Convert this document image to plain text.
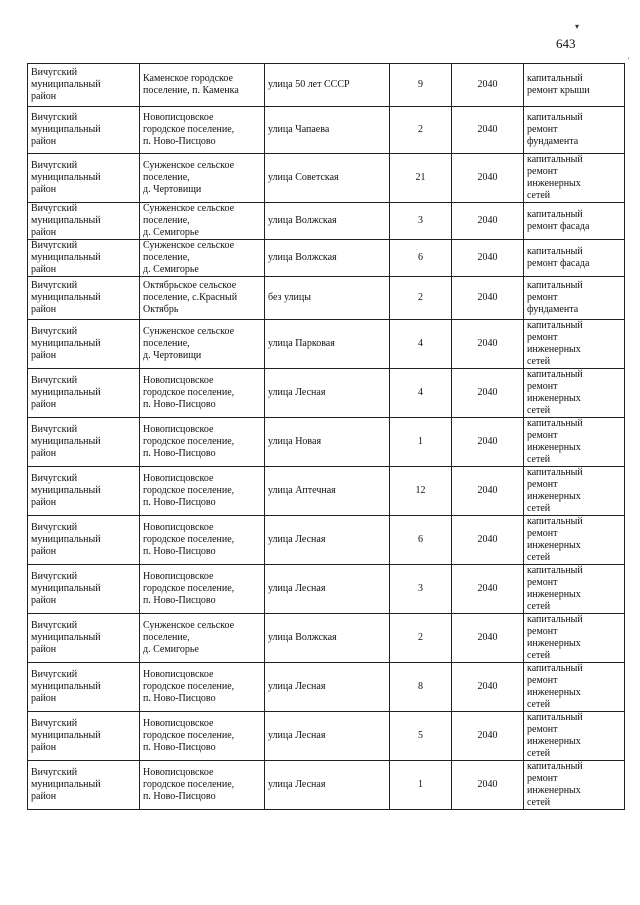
▾
'
643
Вичугский
муниципальный
район	Каменское городское
поселение, п. Каменка	улица 50 лет СССР	9	2040	капитальный
ремонт крыши

Вичугский
муниципальный
район	Новописцовское
городское поселение,
п. Ново-Писцово	улица Чапаева	2	2040	капитальный
ремонт
фундамента

Вичугский
муниципальный
район	Сунженское сельское
поселение,
д. Чертовищи	улица Советская	21	2040	капитальный
ремонт
инженерных
сетей

Вичугский
муниципальный
район	Сунженское сельское
поселение,
д. Семигорье	улица Волжская	3	2040	капитальный
ремонт фасада

Вичугский
муниципальный
район	Сунженское сельское
поселение,
д. Семигорье	улица Волжская	6	2040	капитальный
ремонт фасада

Вичугский
муниципальный
район	Октябрьское сельское
поселение, с.Красный
Октябрь	без улицы	2	2040	капитальный
ремонт
фундамента

Вичугский
муниципальный
район	Сунженское сельское
поселение,
д. Чертовищи	улица Парковая	4	2040	капитальный
ремонт
инженерных
сетей

Вичугский
муниципальный
район	Новописцовское
городское поселение,
п. Ново-Писцово	улица Лесная	4	2040	капитальный
ремонт
инженерных
сетей

Вичугский
муниципальный
район	Новописцовское
городское поселение,
п. Ново-Писцово	улица Новая	1	2040	капитальный
ремонт
инженерных
сетей

Вичугский
муниципальный
район	Новописцовское
городское поселение,
п. Ново-Писцово	улица Аптечная	12	2040	капитальный
ремонт
инженерных
сетей

Вичугский
муниципальный
район	Новописцовское
городское поселение,
п. Ново-Писцово	улица Лесная	6	2040	капитальный
ремонт
инженерных
сетей

Вичугский
муниципальный
район	Новописцовское
городское поселение,
п. Ново-Писцово	улица Лесная	3	2040	капитальный
ремонт
инженерных
сетей

Вичугский
муниципальный
район	Сунженское сельское
поселение,
д. Семигорье	улица Волжская	2	2040	капитальный
ремонт
инженерных
сетей

Вичугский
муниципальный
район	Новописцовское
городское поселение,
п. Ново-Писцово	улица Лесная	8	2040	капитальный
ремонт
инженерных
сетей

Вичугский
муниципальный
район	Новописцовское
городское поселение,
п. Ново-Писцово	улица Лесная	5	2040	капитальный
ремонт
инженерных
сетей

Вичугский
муниципальный
район	Новописцовское
городское поселение,
п. Ново-Писцово	улица Лесная	1	2040	капитальный
ремонт
инженерных
сетей
